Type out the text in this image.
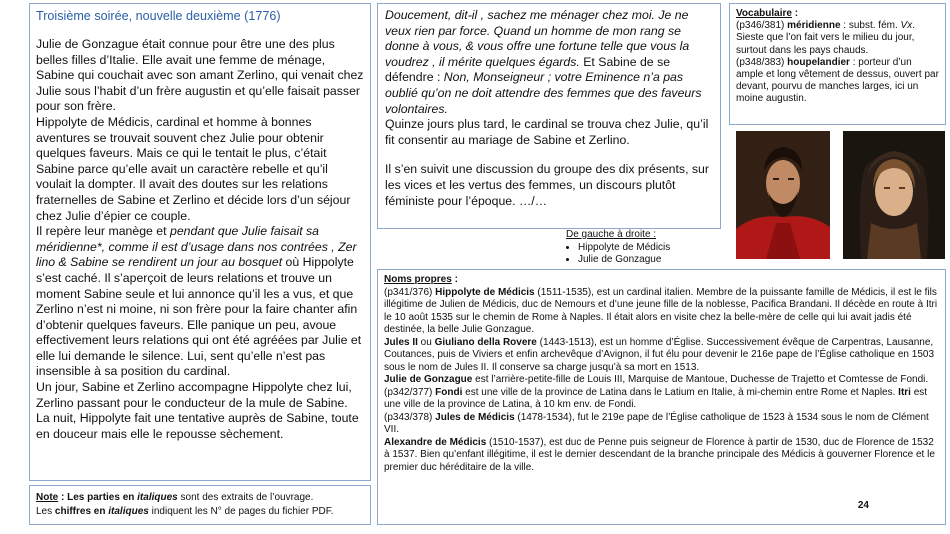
Troisième soirée, nouvelle deuxième (1776)

Julie de Gonzague était connue pour être une des plus belles filles d’Italie. Elle avait une femme de ménage, Sabine qui couchait avec son amant Zerlino, qui venait chez Julie sous l’habit d’un frère augustin et qu’elle faisait passer pour son frère.

Hippolyte de Médicis, cardinal et homme à bonnes aventures se trouvait souvent chez Julie pour obtenir quelques faveurs. Mais ce qui le tentait le plus, c’était Sabine parce qu’elle avait un caractère rebelle et qu’il voulait la dompter. Il avait des doutes sur les relations fraternelles de Sabine et Zerlino et décide lors d’un séjour chez Julie d’épier ce couple.

Il repère leur manège et pendant que Julie faisait sa méridienne*, comme il est d’usage dans nos contrées , Zer lino & Sabine se rendirent un jour au bosquet où Hippolyte s’est caché. Il s’aperçoit de leurs relations et trouve un moment Sabine seule et lui annonce qu’il les a vus, et que Zerlino n’est ni moine, ni son frère pour la faire chanter afin d’obtenir quelques faveurs. Elle panique un peu, avoue effectivement leurs relations qui ont été agréées par Julie et elle lui demande le silence. Lui, sent qu’elle n’est pas insensible à sa position du cardinal.

Un jour, Sabine et Zerlino accompagne Hippolyte chez lui, Zerlino passant pour le conducteur de la mule de Sabine. La nuit, Hippolyte fait une tentative auprès de Sabine, toute en douceur mais elle le repousse sèchement.

Note : Les parties en italiques sont des extraits de l’ouvrage.

Les chiffres en italiques indiquent les N° de pages du fichier PDF.

Doucement, dit-il , sachez me ménager chez moi. Je ne veux rien par force. Quand un homme de mon rang se donne à vous, & vous offre une fortune telle que vous la voudrez , il mérite quelques égards. Et Sabine de se défendre : Non, Monseigneur ; votre Eminence n’a pas oublié qu’on ne doit attendre des femmes que des faveurs volontaires.

Quinze jours plus tard, le cardinal se trouva chez Julie, qu’il fit consentir au mariage de Sabine et Zerlino.

Il s’en suivit une discussion du groupe des dix présents, sur les vices et les vertus des femmes, un discours plutôt féministe pour l’époque. …/…

De gauche à droite :

• Hippolyte de Médicis
• Julie de Gonzague

Vocabulaire :

(p346/381) méridienne : subst. fém. Vx. Sieste que l’on fait vers le milieu du jour, surtout dans les pays chauds.

(p348/383) houpelandier : porteur d’un ample et long vêtement de dessus, ouvert par devant, pourvu de manches larges, ici un moine augustin.

Noms propres :

(p341/376) Hippolyte de Médicis (1511-1535), est un cardinal italien. Membre de la puissante famille de Médicis, il est le fils illégitime de Julien de Médicis, duc de Nemours et d’une jeune fille de la noblesse, Pacifica Brandani. Il décède en route à Itri le 10 août 1535 sur le chemin de Rome à Naples. Il était alors en visite chez la belle-mère de celle qui lui avait jadis été destinée, la belle Julie Gonzague.

Jules II ou Giuliano della Rovere (1443-1513), est un homme d’Église. Successivement évêque de Carpentras, Lausanne, Coutances, puis de Viviers et enfin archevêque d’Avignon, il fut élu pour devenir le 216e pape de l’Église catholique en 1503 sous le nom de Jules II. Il conserve sa charge jusqu’à sa mort en 1513.

Julie de Gonzague est l’arrière-petite-fille de Louis III, Marquise de Mantoue, Duchesse de Trajetto et Comtesse de Fondi.

(p342/377) Fondi est une ville de la province de Latina dans le Latium en Italie, à mi-chemin entre Rome et Naples. Itri est une ville de la province de Latina, à 10 km env. de Fondi.

(p343/378) Jules de Médicis (1478-1534), fut le 219e pape de l’Église catholique de 1523 à 1534 sous le nom de Clément VII.

Alexandre de Médicis (1510-1537), est duc de Penne puis seigneur de Florence à partir de 1530, duc de Florence de 1532 à 1537. Bien qu’enfant illégitime, il est le dernier descendant de la branche principale des Médicis à gouverner Florence et le premier duc héréditaire de la ville.

24
